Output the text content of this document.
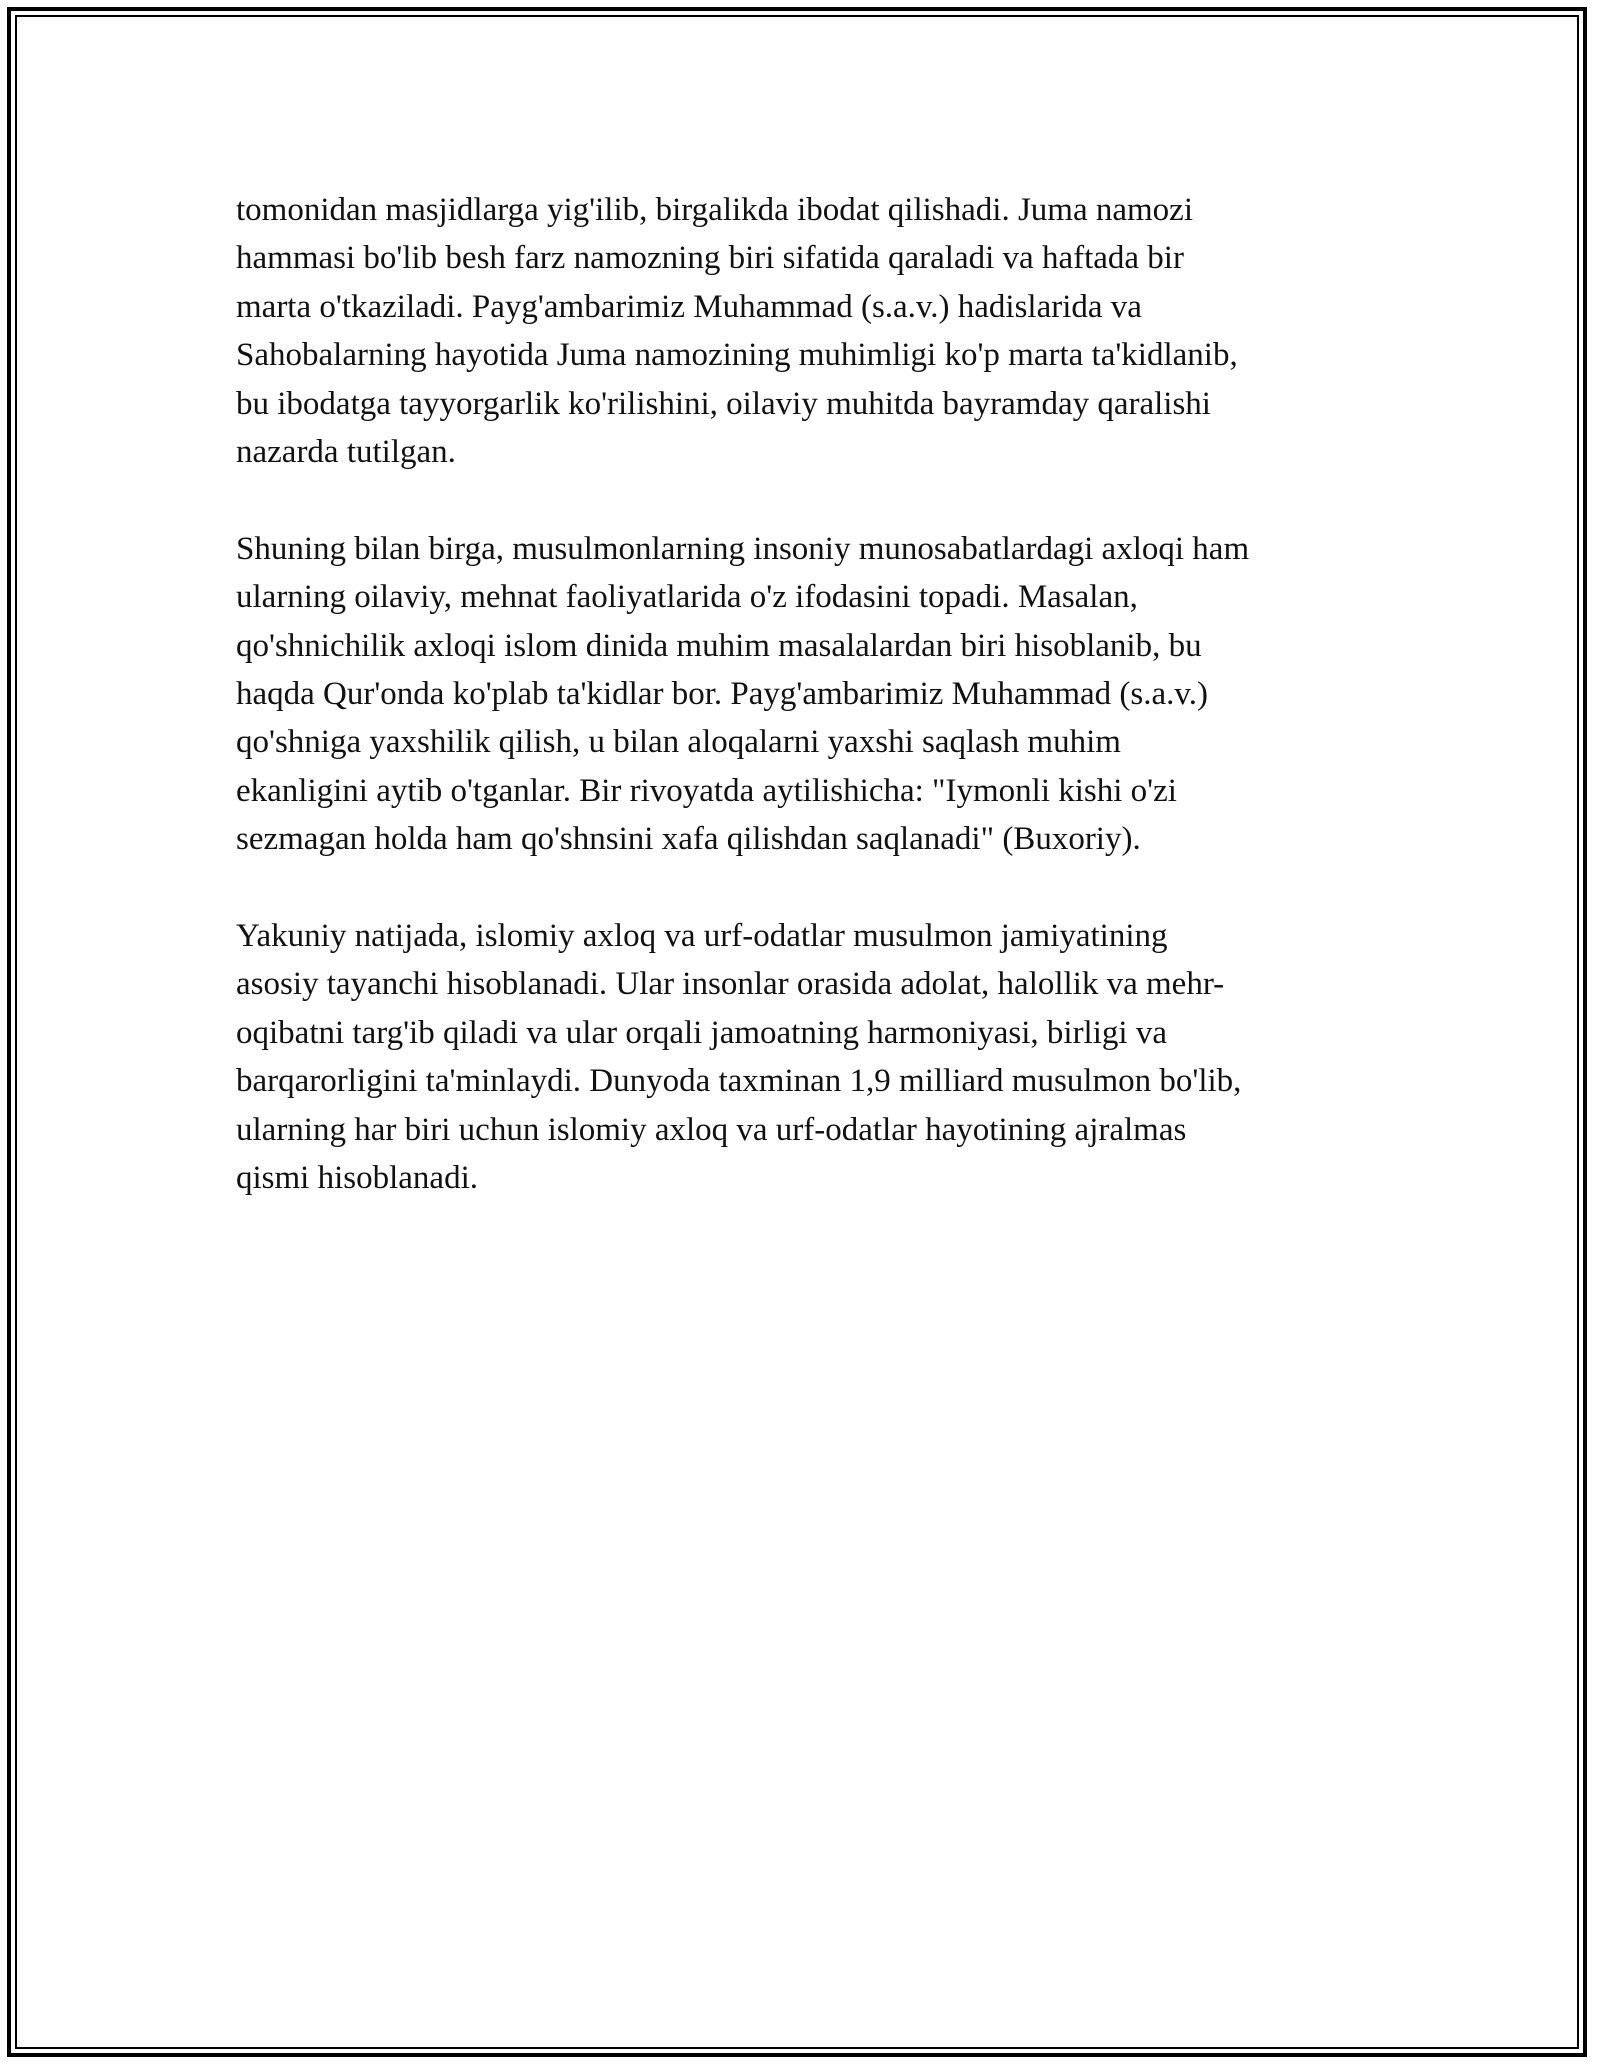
tomonidan masjidlarga yig'ilib, birgalikda ibodat qilishadi. Juma namozi
hammasi bo'lib besh farz namozning biri sifatida qaraladi va haftada bir
marta o'tkaziladi. Payg'ambarimiz Muhammad (s.a.v.) hadislarida va
Sahobalarning hayotida Juma namozining muhimligi ko'p marta ta'kidlanib,
bu ibodatga tayyorgarlik ko'rilishini, oilaviy muhitda bayramday qaralishi
nazarda tutilgan.
Shuning bilan birga, musulmonlarning insoniy munosabatlardagi axloqi ham
ularning oilaviy, mehnat faoliyatlarida o'z ifodasini topadi. Masalan,
qo'shnichilik axloqi islom dinida muhim masalalardan biri hisoblanib, bu
haqda Qur'onda ko'plab ta'kidlar bor. Payg'ambarimiz Muhammad (s.a.v.)
qo'shniga yaxshilik qilish, u bilan aloqalarni yaxshi saqlash muhim
ekanligini aytib o'tganlar. Bir rivoyatda aytilishicha: "Iymonli kishi o'zi
sezmagan holda ham qo'shnsini xafa qilishdan saqlanadi" (Buxoriy).
Yakuniy natijada, islomiy axloq va urf-odatlar musulmon jamiyatining
asosiy tayanchi hisoblanadi. Ular insonlar orasida adolat, halollik va mehr-
oqibatni targ'ib qiladi va ular orqali jamoatning harmoniyasi, birligi va
barqarorligini ta'minlaydi. Dunyoda taxminan 1,9 milliard musulmon bo'lib,
ularning har biri uchun islomiy axloq va urf-odatlar hayotining ajralmas
qismi hisoblanadi.
